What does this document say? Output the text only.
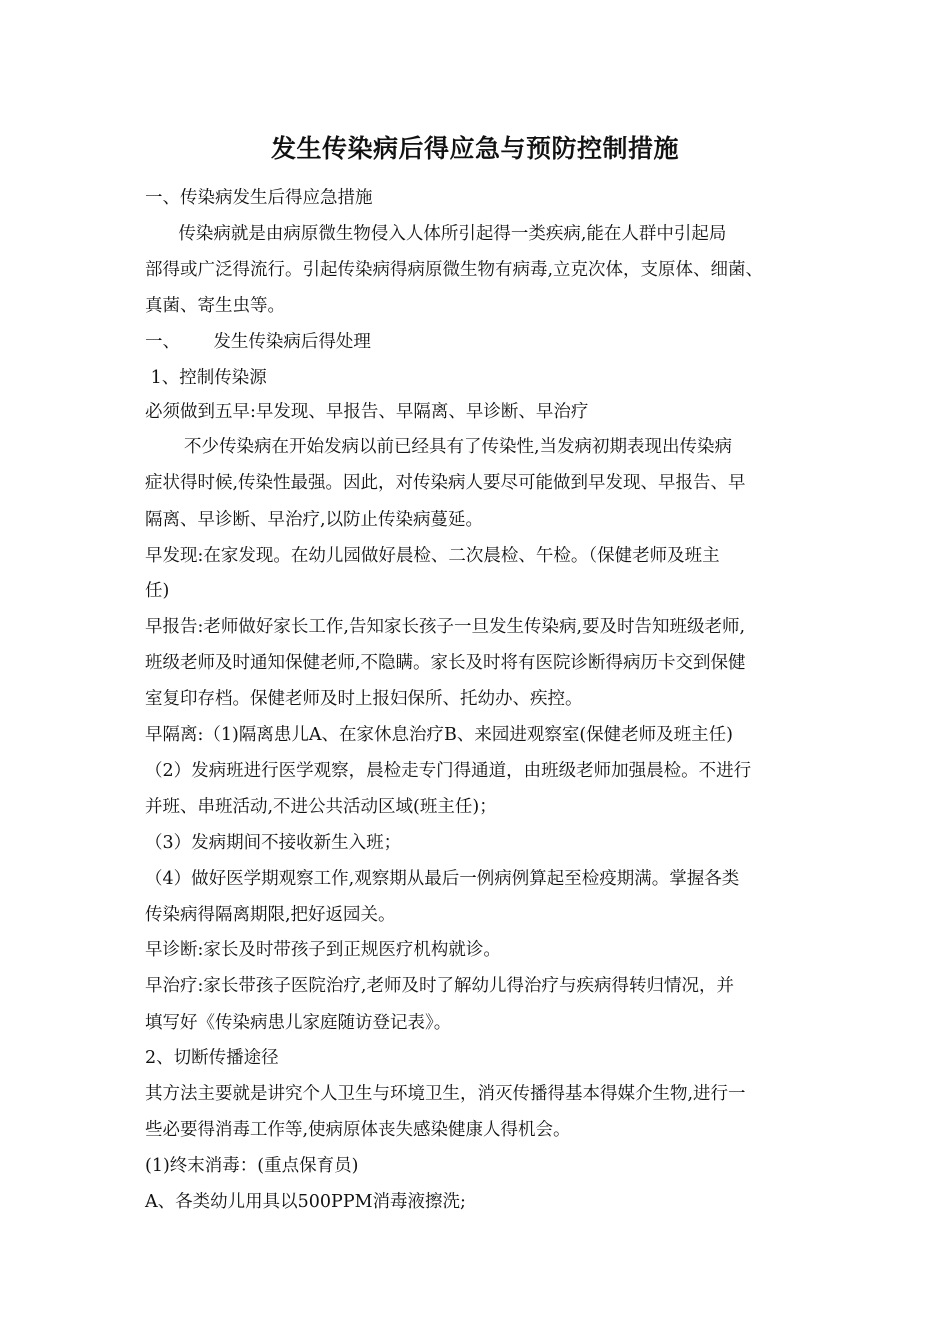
发生传染病后得应急与预防控制措施
一、传染病发生后得应急措施
传染病就是由病原微生物侵入人体所引起得一类疾病,能在人群中引起局
部得或广泛得流行。引起传染病得病原微生物有病毒,立克次体，支原体、细菌、
真菌、寄生虫等。
一、      发生传染病后得处理
1、控制传染源
必须做到五早:早发现、早报告、早隔离、早诊断、早治疗
不少传染病在开始发病以前已经具有了传染性,当发病初期表现出传染病
症状得时候,传染性最强。因此，对传染病人要尽可能做到早发现、早报告、早
隔离、早诊断、早治疗,以防止传染病蔓延。
早发现:在家发现。在幼儿园做好晨检、二次晨检、午检。（保健老师及班主
任)
早报告:老师做好家长工作,告知家长孩子一旦发生传染病,要及时告知班级老师,
班级老师及时通知保健老师,不隐瞒。家长及时将有医院诊断得病历卡交到保健
室复印存档。保健老师及时上报妇保所、托幼办、疾控。
早隔离:（1)隔离患儿A、在家休息治疗B、来园进观察室(保健老师及班主任)
（2）发病班进行医学观察，晨检走专门得通道，由班级老师加强晨检。不进行
并班、串班活动,不进公共活动区域(班主任)；
（3）发病期间不接收新生入班；
（4）做好医学期观察工作,观察期从最后一例病例算起至检疫期满。掌握各类
传染病得隔离期限,把好返园关。
早诊断:家长及时带孩子到正规医疗机构就诊。
早治疗:家长带孩子医院治疗,老师及时了解幼儿得治疗与疾病得转归情况，并
填写好《传染病患儿家庭随访登记表》。
2、切断传播途径
其方法主要就是讲究个人卫生与环境卫生，消灭传播得基本得媒介生物,进行一
些必要得消毒工作等,使病原体丧失感染健康人得机会。
(1)终末消毒：(重点保育员)
A、各类幼儿用具以500PPM消毒液擦洗;
